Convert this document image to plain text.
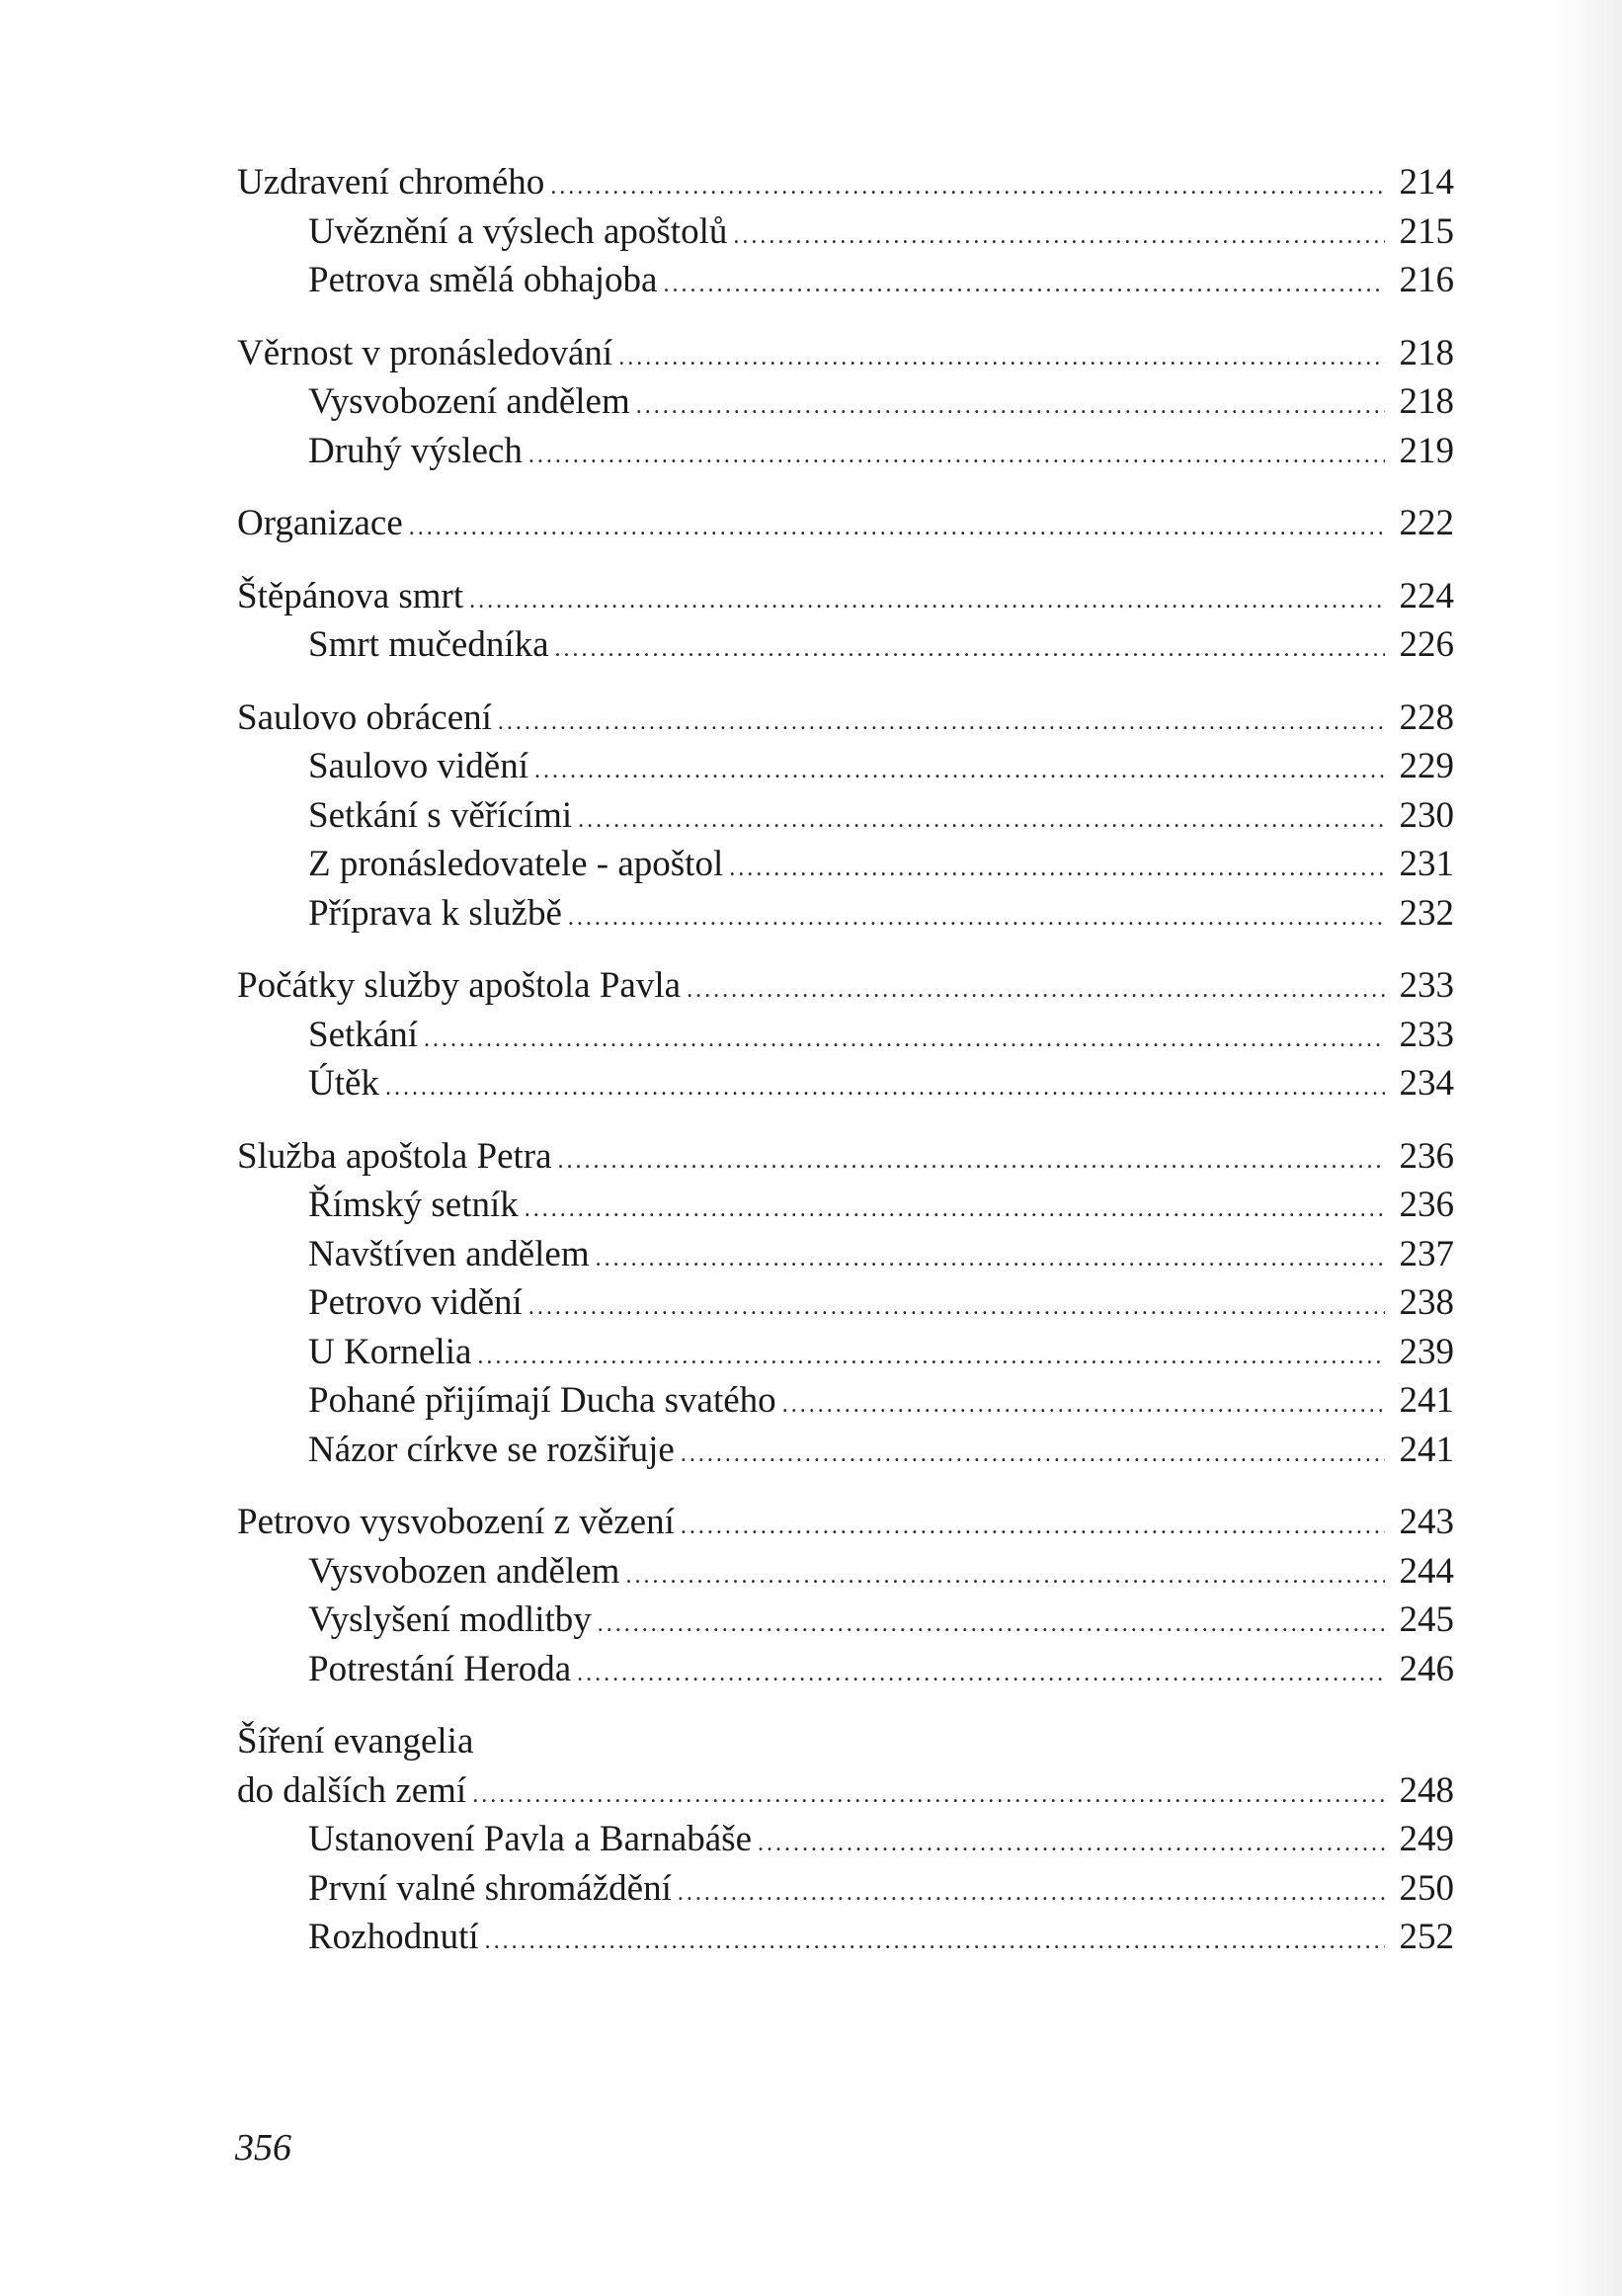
Uzdravení chromého .....	214
Uvěznění a výslech apoštolů .....	215
Petrova smělá obhajoba .....	216
Věrnost v pronásledování .....	218
Vysvobození andělem .....	218
Druhý výslech .....	219
Organizace .....	222
Štěpánova smrt .....	224
Smrt mučedníka .....	226
Saulovo obrácení .....	228
Saulovo vidění .....	229
Setkání s věřícími .....	230
Z pronásledovatele - apoštol .....	231
Příprava k službě .....	232
Počátky služby apoštola Pavla .....	233
Setkání .....	233
Útěk .....	234
Služba apoštola Petra .....	236
Římský setník .....	236
Navštíven andělem .....	237
Petrovo vidění .....	238
U Kornelia .....	239
Pohané přijímají Ducha svatého .....	241
Názor církve se rozšiřuje .....	241
Petrovo vysvobození z vězení .....	243
Vysvobozen andělem .....	244
Vyslyšení modlitby .....	245
Potrestání Heroda .....	246
Šíření evangelia
do dalších zemí .....	248
Ustanovení Pavla a Barnabáše .....	249
První valné shromáždění .....	250
Rozhodnutí .....	252
356
